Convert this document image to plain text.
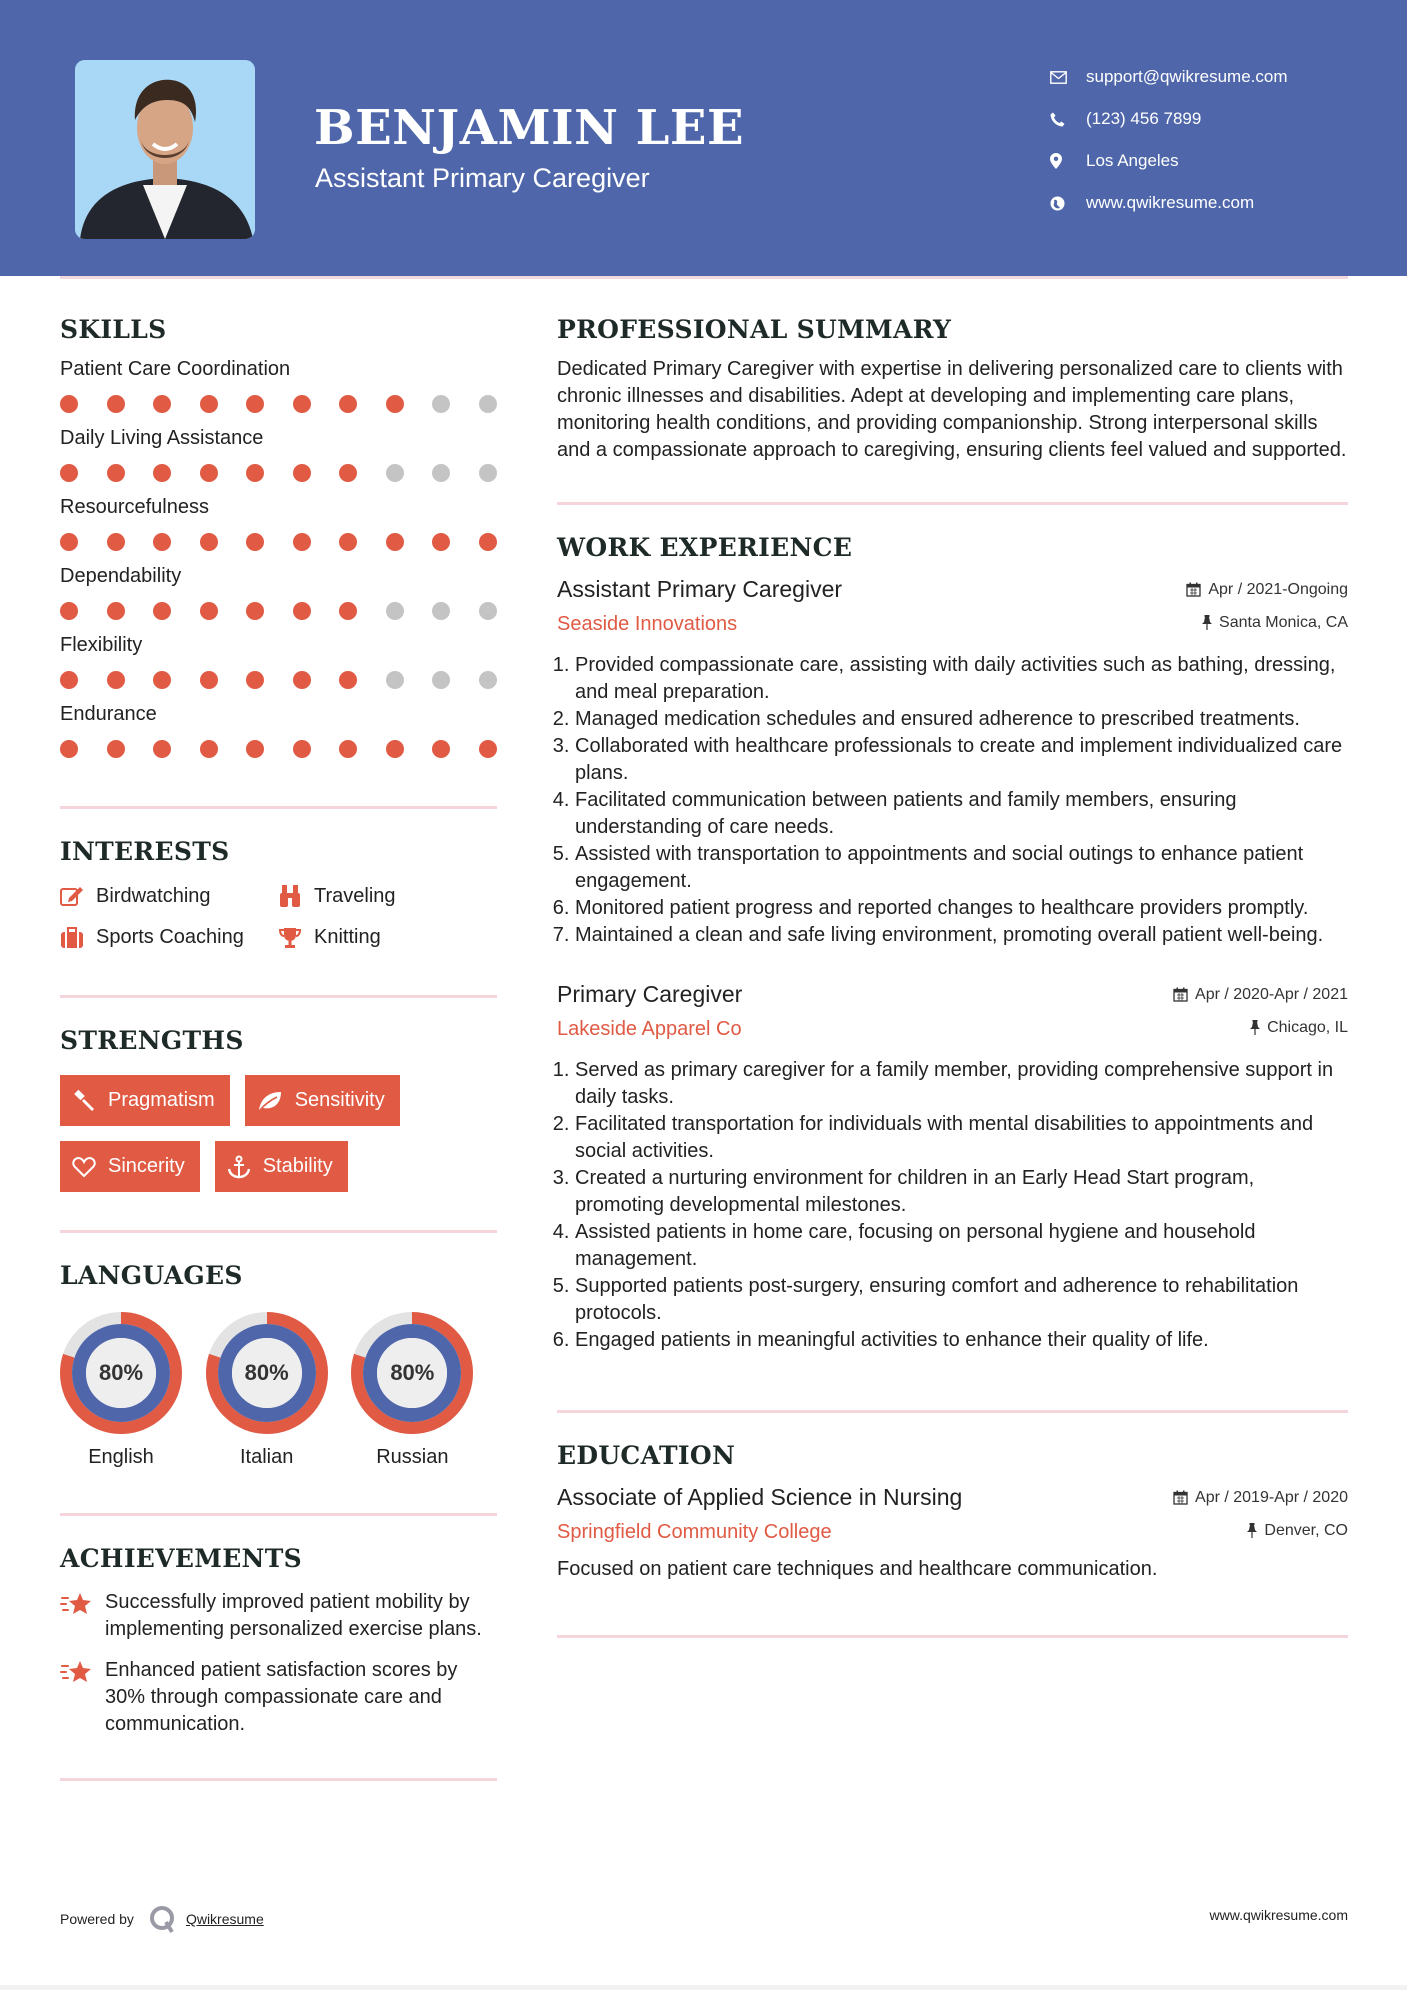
BENJAMIN LEE
Assistant Primary Caregiver
support@qwikresume.com
(123) 456 7899
Los Angeles
www.qwikresume.com
SKILLS
Patient Care Coordination
Daily Living Assistance
Resourcefulness
Dependability
Flexibility
Endurance
INTERESTS
Birdwatching	Traveling
Sports Coaching	Knitting
STRENGTHS
Pragmatism	Sensitivity
Sincerity	Stability
LANGUAGES
80%
English
80%
Italian
80%
Russian
ACHIEVEMENTS
Successfully improved patient mobility by implementing personalized exercise plans.
Enhanced patient satisfaction scores by 30% through compassionate care and communication.
PROFESSIONAL SUMMARY
Dedicated Primary Caregiver with expertise in delivering personalized care to clients with chronic illnesses and disabilities. Adept at developing and implementing care plans, monitoring health conditions, and providing companionship. Strong interpersonal skills and a compassionate approach to caregiving, ensuring clients feel valued and supported.
WORK EXPERIENCE
Assistant Primary Caregiver	Apr / 2021-Ongoing
Seaside Innovations	Santa Monica, CA
1. Provided compassionate care, assisting with daily activities such as bathing, dressing, and meal preparation.
2. Managed medication schedules and ensured adherence to prescribed treatments.
3. Collaborated with healthcare professionals to create and implement individualized care plans.
4. Facilitated communication between patients and family members, ensuring understanding of care needs.
5. Assisted with transportation to appointments and social outings to enhance patient engagement.
6. Monitored patient progress and reported changes to healthcare providers promptly.
7. Maintained a clean and safe living environment, promoting overall patient well-being.
Primary Caregiver	Apr / 2020-Apr / 2021
Lakeside Apparel Co	Chicago, IL
1. Served as primary caregiver for a family member, providing comprehensive support in daily tasks.
2. Facilitated transportation for individuals with mental disabilities to appointments and social activities.
3. Created a nurturing environment for children in an Early Head Start program, promoting developmental milestones.
4. Assisted patients in home care, focusing on personal hygiene and household management.
5. Supported patients post-surgery, ensuring comfort and adherence to rehabilitation protocols.
6. Engaged patients in meaningful activities to enhance their quality of life.
EDUCATION
Associate of Applied Science in Nursing	Apr / 2019-Apr / 2020
Springfield Community College	Denver, CO
Focused on patient care techniques and healthcare communication.
Powered by	Qwikresume	www.qwikresume.com
